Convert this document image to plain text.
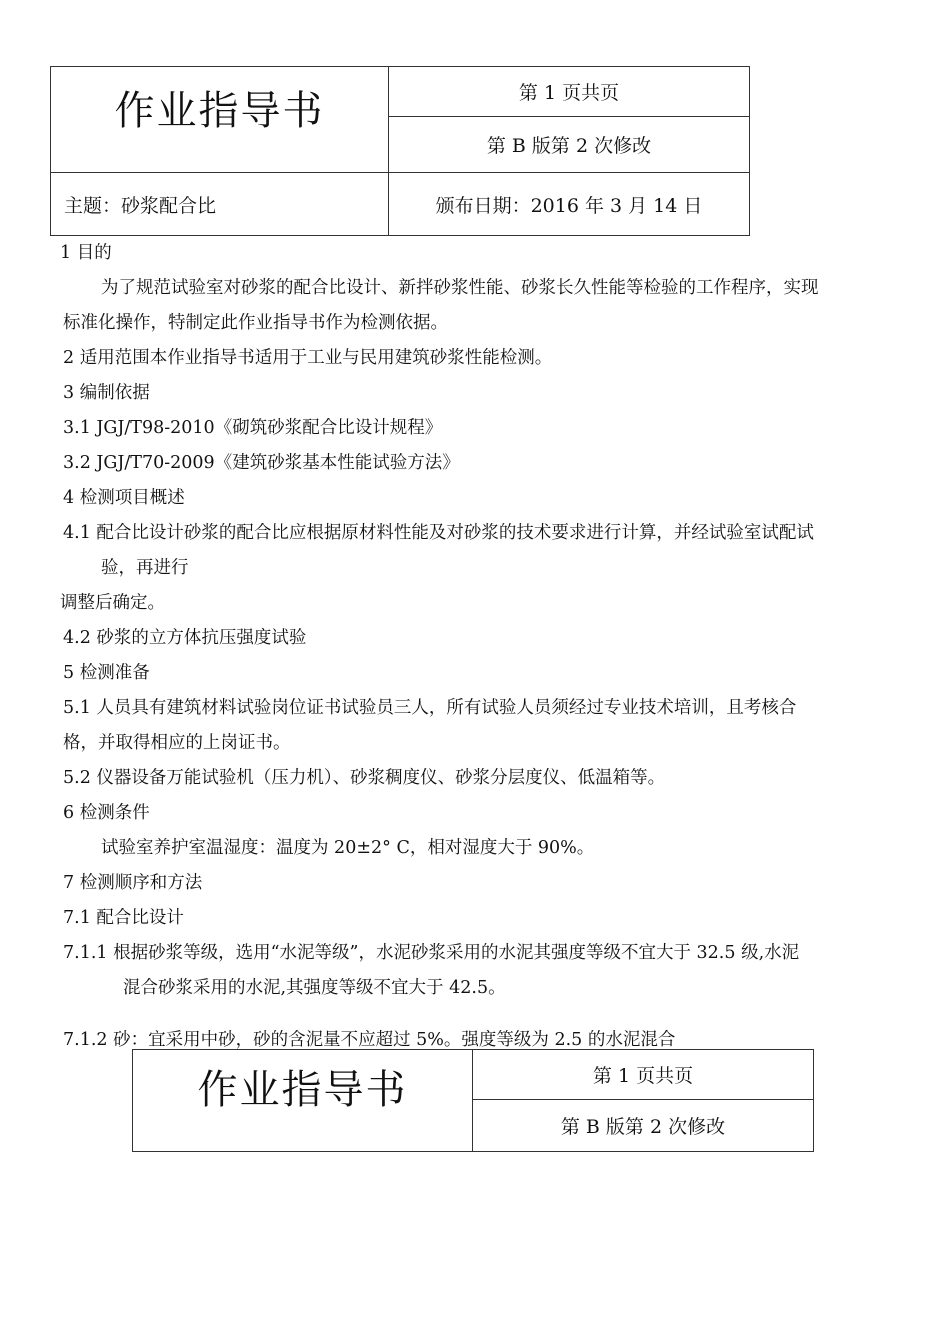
作业指导书	第 1 页共页
	第 B 版第 2 次修改
主题：砂浆配合比	颁布日期：2016 年 3 月 14 日
1 目的
为了规范试验室对砂浆的配合比设计、新拌砂浆性能、砂浆长久性能等检验的工作程序，实现
标准化操作，特制定此作业指导书作为检测依据。
2 适用范围本作业指导书适用于工业与民用建筑砂浆性能检测。
3 编制依据
3.1 JGJ/T98-2010《砌筑砂浆配合比设计规程》
3.2 JGJ/T70-2009《建筑砂浆基本性能试验方法》
4 检测项目概述
4.1 配合比设计砂浆的配合比应根据原材料性能及对砂浆的技术要求进行计算，并经试验室试配试
验，再进行
调整后确定。
4.2 砂浆的立方体抗压强度试验
5 检测准备
5.1 人员具有建筑材料试验岗位证书试验员三人，所有试验人员须经过专业技术培训，且考核合
格，并取得相应的上岗证书。
5.2 仪器设备万能试验机（压力机）、砂浆稠度仪、砂浆分层度仪、低温箱等。
6 检测条件
试验室养护室温湿度：温度为 20±2° C，相对湿度大于 90%。
7 检测顺序和方法
7.1 配合比设计
7.1.1 根据砂浆等级，选用“水泥等级”，水泥砂浆采用的水泥其强度等级不宜大于 32.5 级,水泥
混合砂浆采用的水泥,其强度等级不宜大于 42.5。
7.1.2 砂：宜采用中砂，砂的含泥量不应超过 5%。强度等级为 2.5 的水泥混合
作业指导书	第 1 页共页
第 B 版第 2 次修改
